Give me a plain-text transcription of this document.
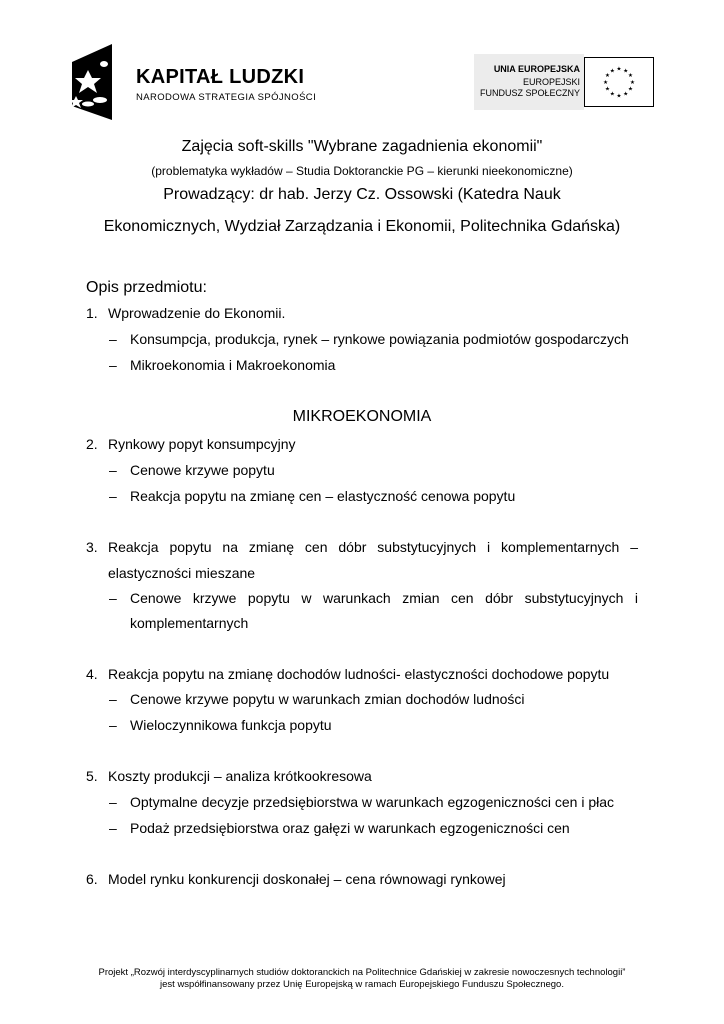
KAPITAŁ LUDZKI
NARODOWA STRATEGIA SPÓJNOŚCI
UNIA EUROPEJSKA
EUROPEJSKI
FUNDUSZ SPOŁECZNY
★ ★
★
★
★
★
★
★
★
★
★
★
Zajęcia soft-skills "Wybrane zagadnienia ekonomii"
(problematyka wykładów – Studia Doktoranckie PG – kierunki nieekonomiczne)
Prowadzący: dr hab. Jerzy Cz. Ossowski (Katedra Nauk
Ekonomicznych, Wydział Zarządzania i Ekonomii, Politechnika Gdańska)
Opis przedmiotu:
1. Wprowadzenie do Ekonomii.
– Konsumpcja, produkcja, rynek – rynkowe powiązania podmiotów gospodarczych
– Mikroekonomia i Makroekonomia
MIKROEKONOMIA
2. Rynkowy popyt konsumpcyjny
– Cenowe krzywe popytu
– Reakcja popytu na zmianę cen – elastyczność cenowa popytu
3. Reakcja popytu na zmianę cen dóbr substytucyjnych i komplementarnych –
elastyczności mieszane
– Cenowe krzywe popytu w warunkach zmian cen dóbr substytucyjnych i
komplementarnych
4. Reakcja popytu na zmianę dochodów ludności- elastyczności dochodowe popytu
– Cenowe krzywe popytu w warunkach zmian dochodów ludności
– Wieloczynnikowa funkcja popytu
5. Koszty produkcji – analiza krótkookresowa
– Optymalne decyzje przedsiębiorstwa w warunkach egzogeniczności cen i płac
– Podaż przedsiębiorstwa oraz gałęzi w warunkach egzogeniczności cen
6. Model rynku konkurencji doskonałej – cena równowagi rynkowej
Projekt „Rozwój interdyscyplinarnych studiów doktoranckich na Politechnice Gdańskiej w zakresie nowoczesnych technologii”
jest współfinansowany przez Unię Europejską w ramach Europejskiego Funduszu Społecznego.
